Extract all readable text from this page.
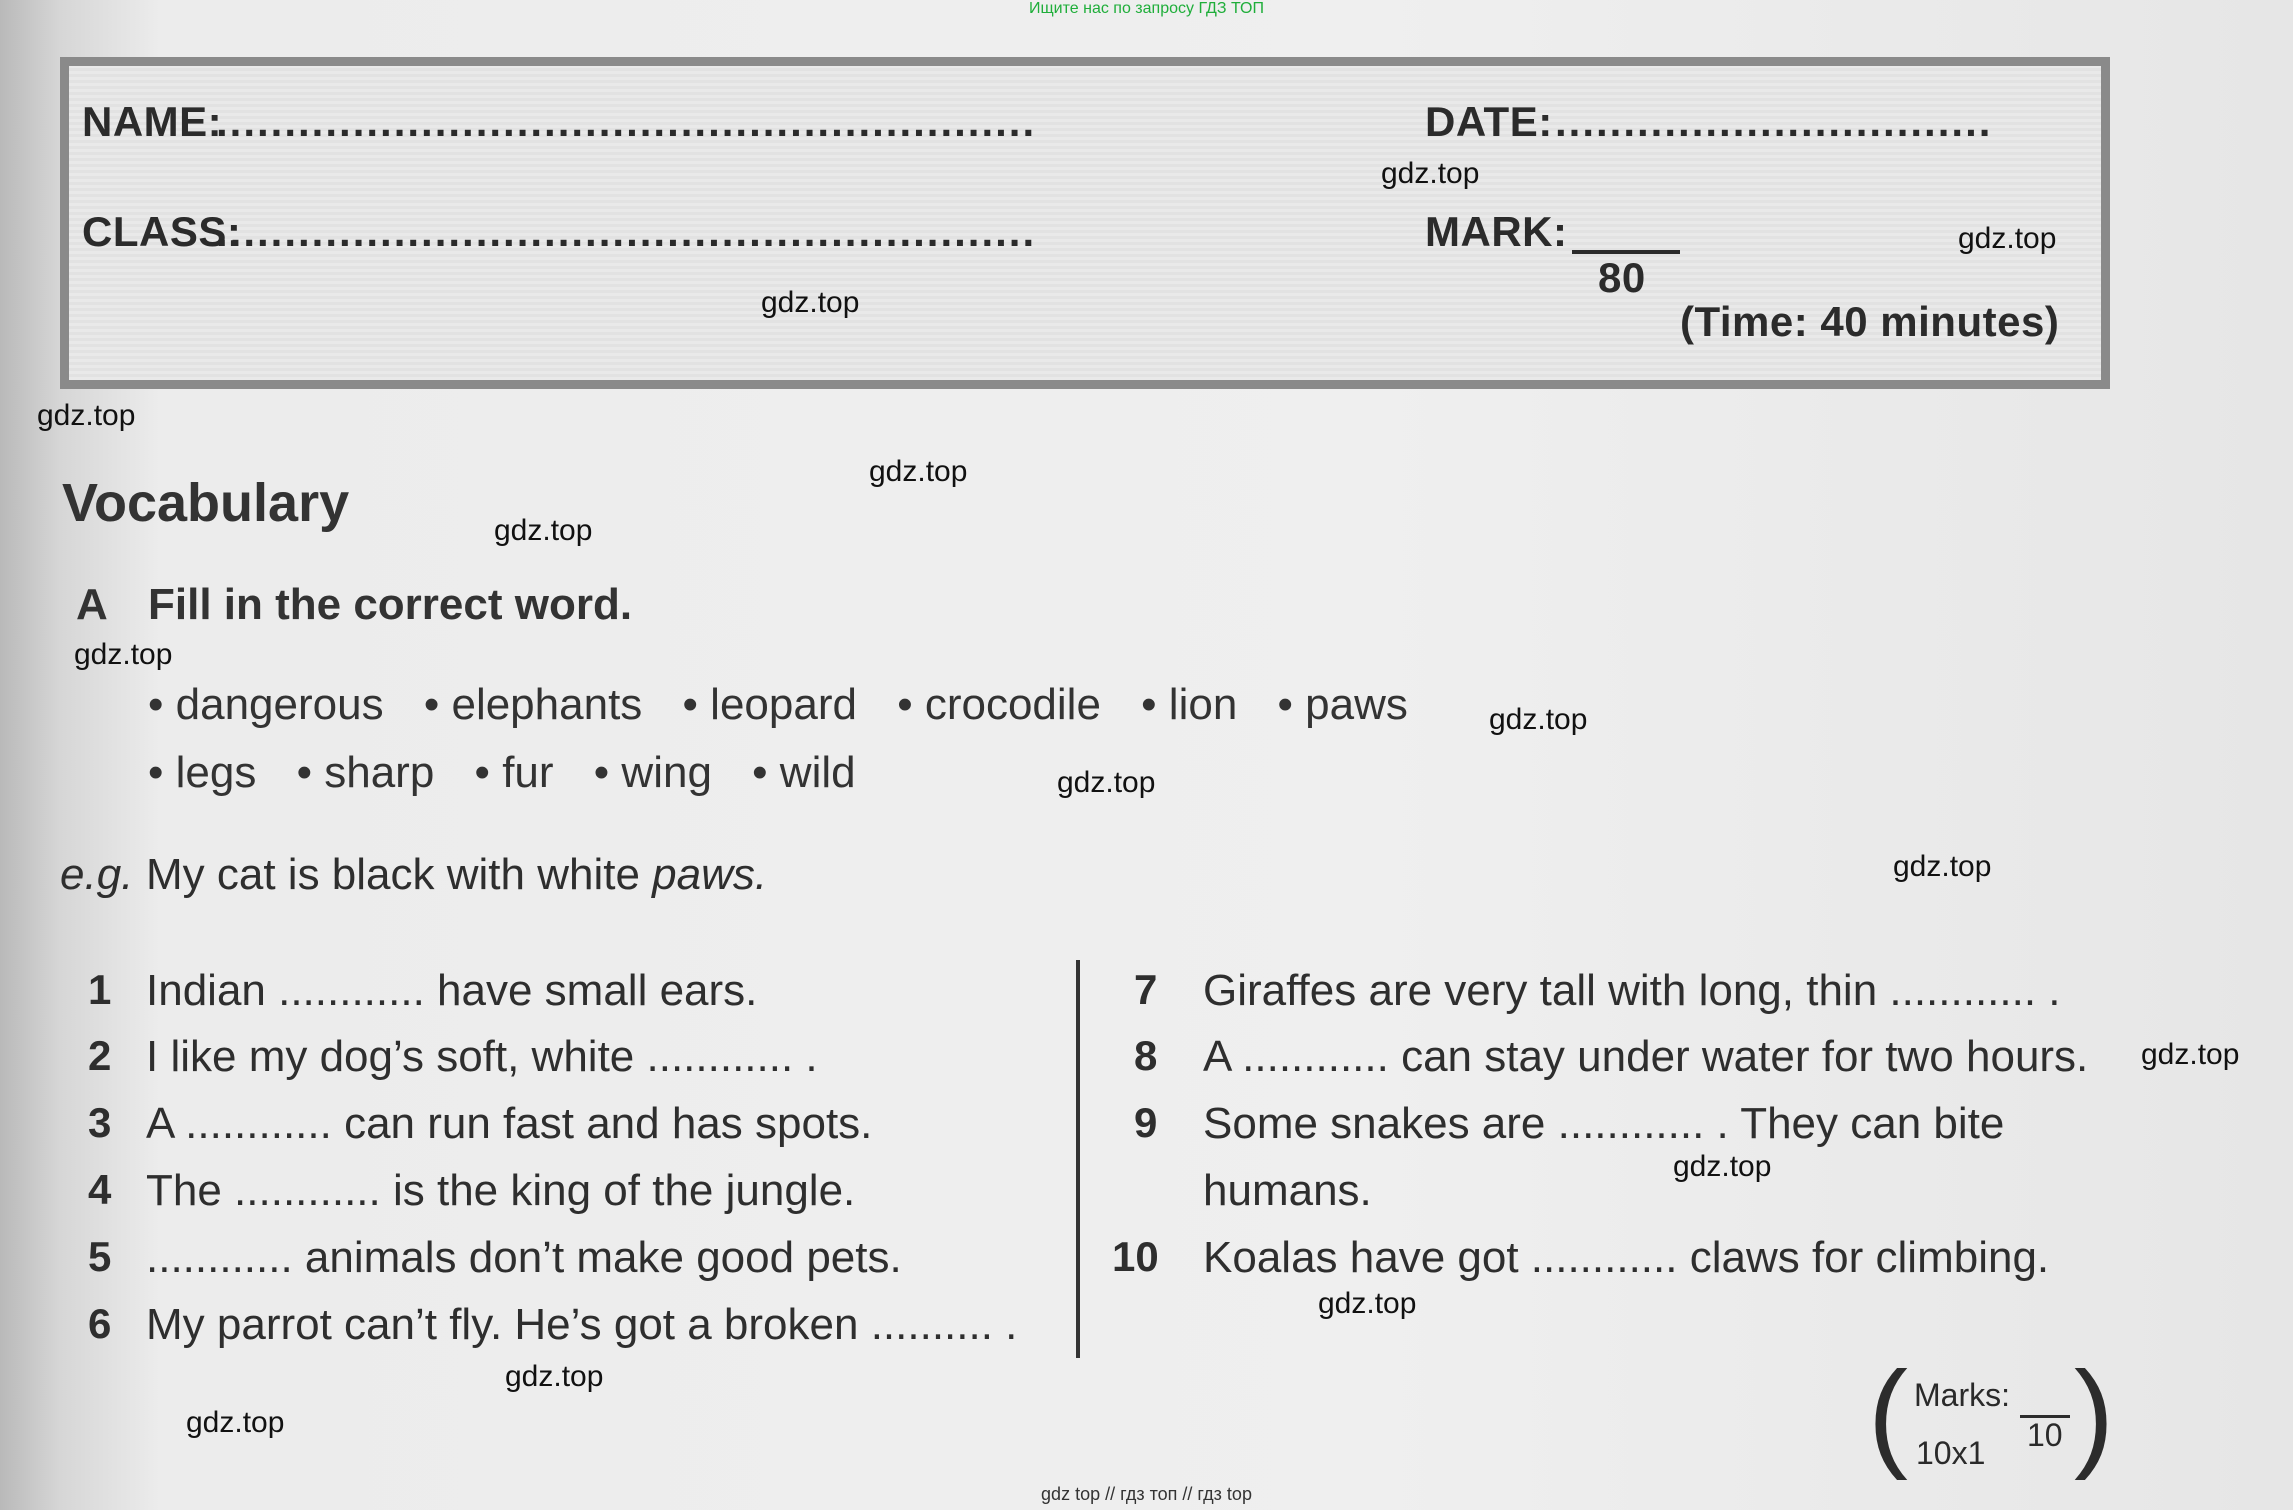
Ищите нас по запросу ГДЗ ТОП

NAME:
............................................................
CLASS:
............................................................
DATE: ................................
MARK:
80
(Time: 40 minutes)
Vocabulary
A Fill in the correct word.
• dangerous • elephants • leopard • crocodile • lion • paws
• legs • sharp • fur • wing • wild
e.g. My cat is black with white paws.
1 Indian ............ have small ears.
2 I like my dog’s soft, white ............ .
3 A ............ can run fast and has spots.
4 The ............ is the king of the jungle.
5 ............ animals don’t make good pets.
6 My parrot can’t fly. He’s got a broken .......... .
7 Giraffes are very tall with long, thin ............ .
8 A ............ can stay under water for two hours.
9 Some snakes are ............ . They can bite
humans.
10 Koalas have got ............ claws for climbing.
( )
Marks:
10
10x1
gdz.top
gdz.top
gdz.top
gdz.top
gdz.top
gdz.top
gdz.top
gdz.top
gdz.top
gdz.top
gdz.top
gdz.top
gdz.top
gdz.top
gdz.top
gdz top // гдз топ // гдз top
